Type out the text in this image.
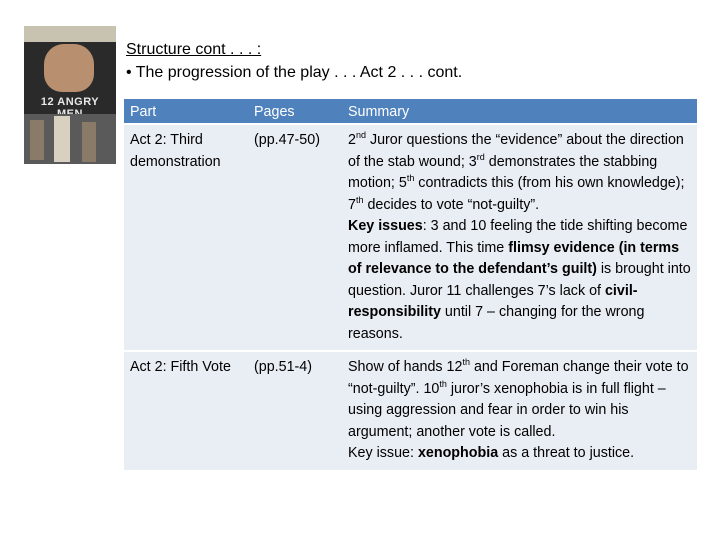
12 ANGRY
Structure cont . . . :
• The progression of the play . . . Act 2 . . . cont.
Part	Pages	Summary
Act 2: Third demonstration	(pp.47-50)	2nd Juror questions the “evidence” about the direction of the stab wound; 3rd demonstrates the stabbing motion; 5th contradicts this (from his own knowledge); 7th decides to vote “not-guilty”.
Key issues: 3 and 10 feeling the tide shifting become more inflamed. This time flimsy evidence (in terms of relevance to the defendant’s guilt) is brought into question. Juror 11 challenges 7’s lack of civil-responsibility until 7 – changing for the wrong reasons.
Act 2: Fifth Vote	(pp.51-4)	Show of hands 12th and Foreman change their vote to “not-guilty”. 10th juror’s xenophobia is in full flight – using aggression and fear in order to win his argument; another vote is called.
Key issue: xenophobia as a threat to justice.
